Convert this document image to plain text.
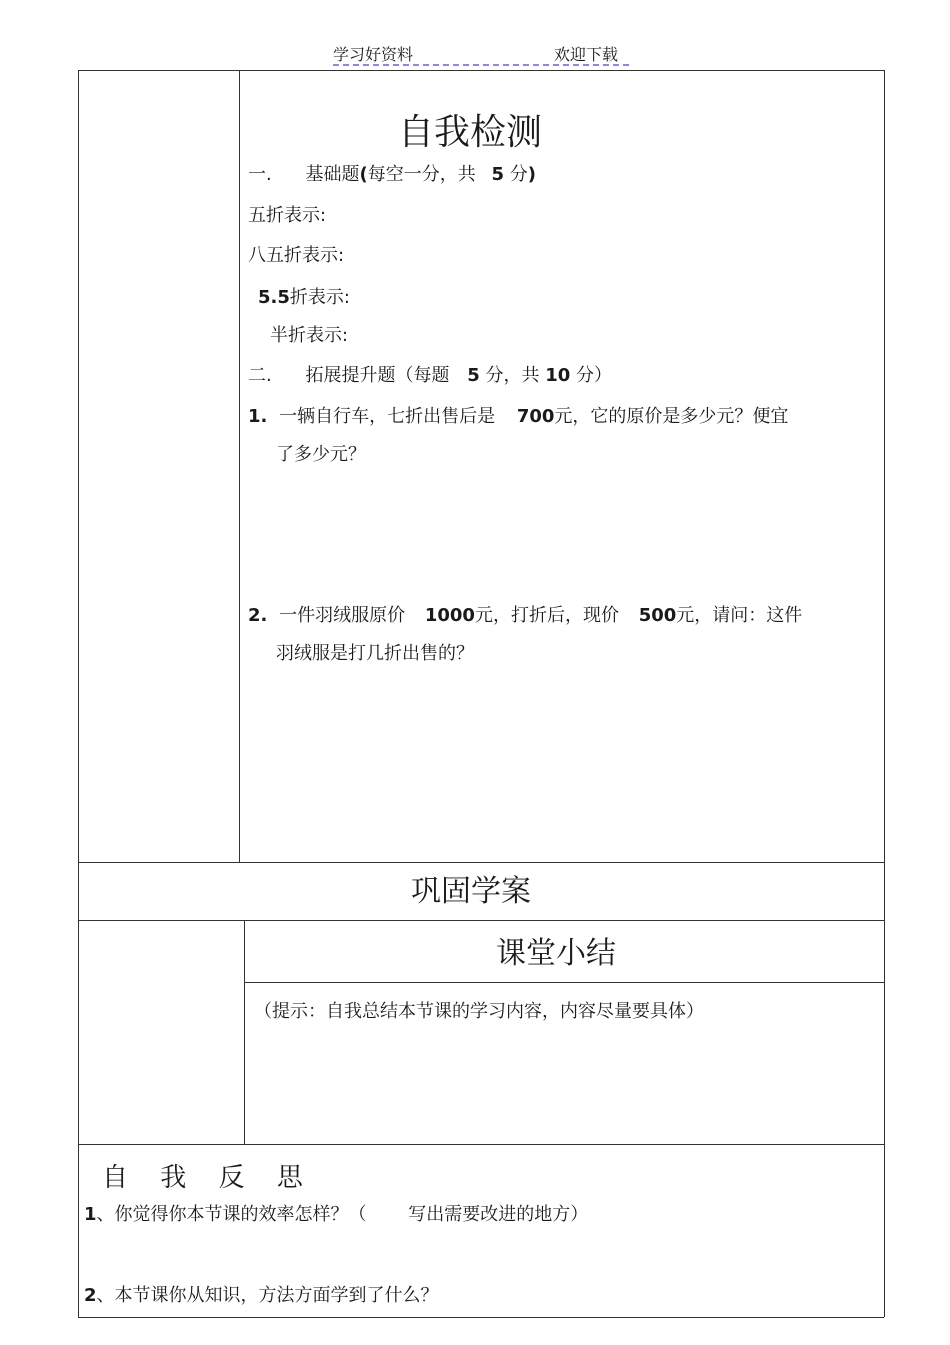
学习好资料	欢迎下载
自我检测
一. 基础题(每空一分，共 5 分)
五折表示:
八五折表示:
5.5折表示:
半折表示:
二. 拓展提升题（每题 5 分，共 10 分）
1. 一辆自行车，七折出售后是 700元，它的原价是多少元？便宜
了多少元？
2. 一件羽绒服原价 1000元，打折后，现价 500元，请问：这件
羽绒服是打几折出售的？
巩固学案
课堂小结
（提示：自我总结本节课的学习内容，内容尽量要具体）
自 我 反 思
1、你觉得你本节课的效率怎样？（ 写出需要改进的地方）
2、本节课你从知识，方法方面学到了什么？
